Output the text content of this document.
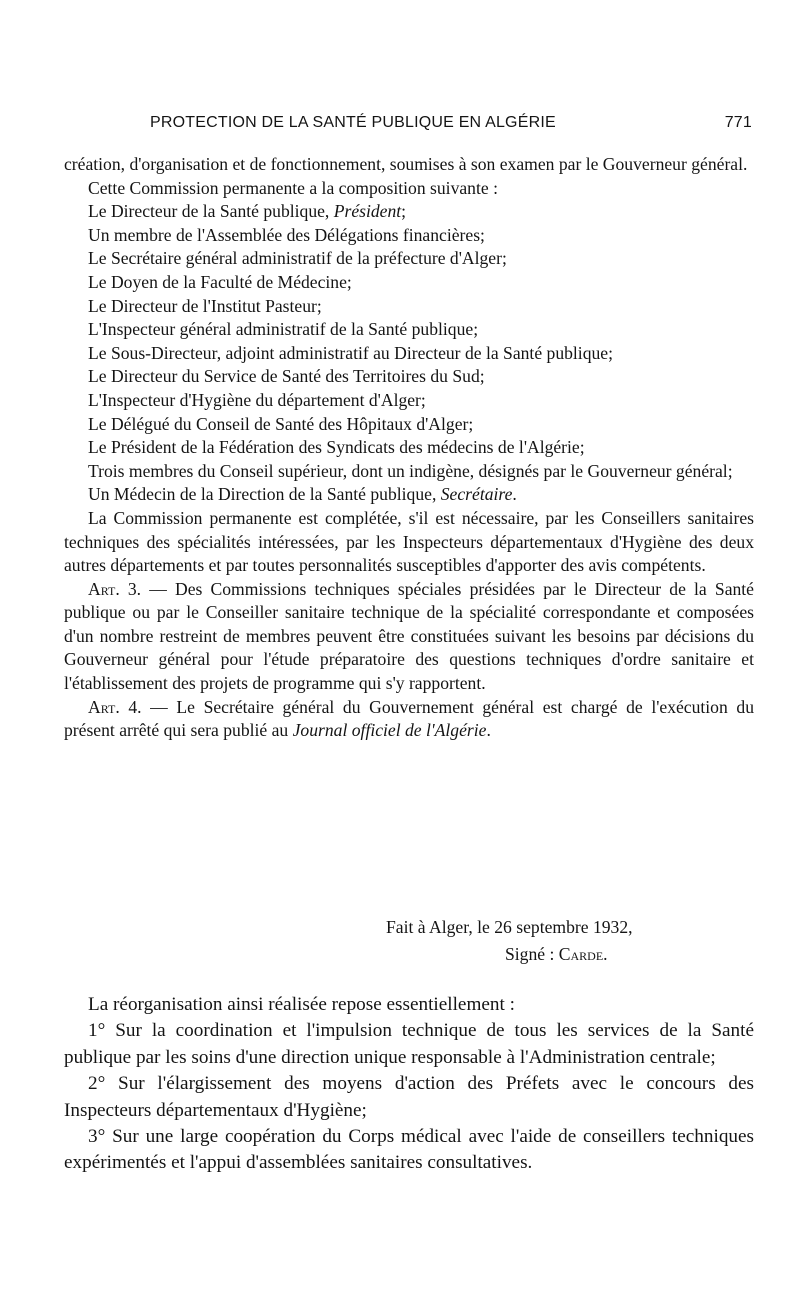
PROTECTION DE LA SANTÉ PUBLIQUE EN ALGÉRIE	771

création, d'organisation et de fonctionnement, soumises à son examen par le Gouverneur général.

Cette Commission permanente a la composition suivante :

Le Directeur de la Santé publique, Président;

Un membre de l'Assemblée des Délégations financières;

Le Secrétaire général administratif de la préfecture d'Alger;

Le Doyen de la Faculté de Médecine;

Le Directeur de l'Institut Pasteur;

L'Inspecteur général administratif de la Santé publique;

Le Sous-Directeur, adjoint administratif au Directeur de la Santé publique;

Le Directeur du Service de Santé des Territoires du Sud;

L'Inspecteur d'Hygiène du département d'Alger;

Le Délégué du Conseil de Santé des Hôpitaux d'Alger;

Le Président de la Fédération des Syndicats des médecins de l'Algérie;

Trois membres du Conseil supérieur, dont un indigène, désignés par le Gouverneur général;

Un Médecin de la Direction de la Santé publique, Secrétaire.

La Commission permanente est complétée, s'il est nécessaire, par les Conseillers sanitaires techniques des spécialités intéressées, par les Inspecteurs départementaux d'Hygiène des deux autres départements et par toutes personnalités susceptibles d'apporter des avis compétents.

Art. 3. — Des Commissions techniques spéciales présidées par le Directeur de la Santé publique ou par le Conseiller sanitaire technique de la spécialité correspondante et composées d'un nombre restreint de membres peuvent être constituées suivant les besoins par décisions du Gouverneur général pour l'étude préparatoire des questions techniques d'ordre sanitaire et l'établissement des projets de programme qui s'y rapportent.

Art. 4. — Le Secrétaire général du Gouvernement général est chargé de l'exécution du présent arrêté qui sera publié au Journal officiel de l'Algérie.

Fait à Alger, le 26 septembre 1932,
Signé : Carde.

La réorganisation ainsi réalisée repose essentiellement :

1° Sur la coordination et l'impulsion technique de tous les services de la Santé publique par les soins d'une direction unique responsable à l'Administration centrale;

2° Sur l'élargissement des moyens d'action des Préfets avec le concours des Inspecteurs départementaux d'Hygiène;

3° Sur une large coopération du Corps médical avec l'aide de conseillers techniques expérimentés et l'appui d'assemblées sanitaires consultatives.
